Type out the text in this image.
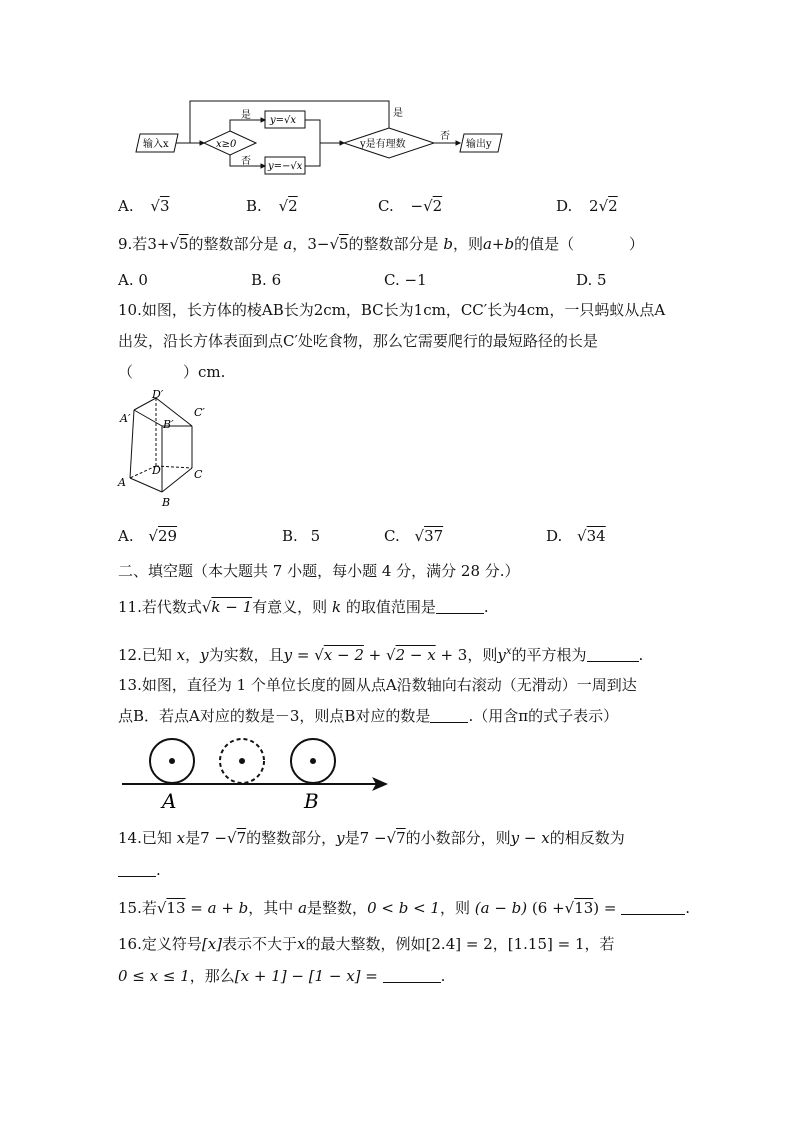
输入x	x≥0
是
否
y=√x
y=−√x
y是有理数
是
否
输出y
A. √3	B. √2	C. −√2	D. 2√2
9.若3+√5的整数部分是 a，3−√5的整数部分是 b，则a+b的值是（	）
A. 0	B. 6	C. −1	D. 5
10.如图，长方体的棱AB长为2cm，BC长为1cm，CC′长为4cm，一只蚂蚁从点A
出发，沿长方体表面到点C′处吃食物，那么它需要爬行的最短路径的长是
（	）cm.
D′
A′	C′
B′
D
A
C
B
A. √29	B. 5	C. √37	D. √34
二、填空题（本大题共 7 小题，每小题 4 分，满分 28 分.）
11.若代数式√k − 1有意义，则 k 的取值范围是	.
12.已知 x，y为实数，且y = √x − 2 + √2 − x + 3，则$y^x$的平方根为	.
13.如图，直径为 1 个单位长度的圆从点A沿数轴向右滚动（无滑动）一周到达
点B．若点A对应的数是－3，则点B对应的数是	.（用含π的式子表示）
A	B
14.已知 x是7 −√7的整数部分，y是7 −√7的小数部分，则y − x的相反数为
.
15.若√13 = a + b，其中 a是整数，0 < b < 1，则 (a − b) (6 +√13) =	.
16.定义符号[x]表示不大于x的最大整数，例如[2.4] = 2，[1.15] = 1，若
0 ≤ x ≤ 1，那么[x + 1] − [1 − x] =	.
